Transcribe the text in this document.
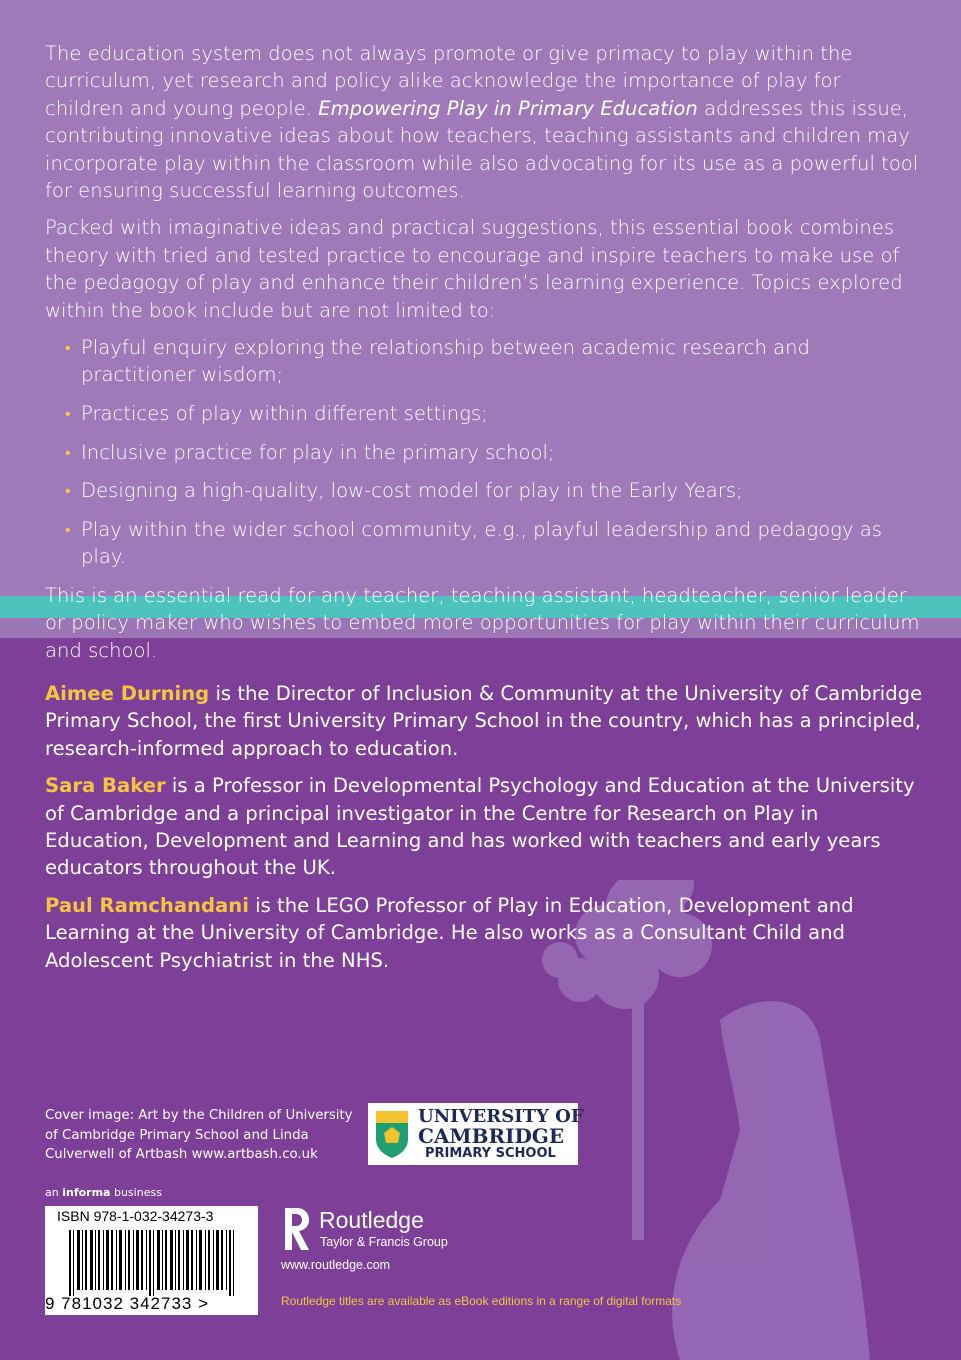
The education system does not always promote or give primacy to play within the curriculum, yet research and policy alike acknowledge the importance of play for children and young people. Empowering Play in Primary Education addresses this issue, contributing innovative ideas about how teachers, teaching assistants and children may incorporate play within the classroom while also advocating for its use as a powerful tool for ensuring successful learning outcomes.

Packed with imaginative ideas and practical suggestions, this essential book combines theory with tried and tested practice to encourage and inspire teachers to make use of the pedagogy of play and enhance their children’s learning experience. Topics explored within the book include but are not limited to:

• Playful enquiry exploring the relationship between academic research and practitioner wisdom;
• Practices of play within different settings;
• Inclusive practice for play in the primary school;
• Designing a high-quality, low-cost model for play in the Early Years;
• Play within the wider school community, e.g., playful leadership and pedagogy as play.

This is an essential read for any teacher, teaching assistant, headteacher, senior leader or policy maker who wishes to embed more opportunities for play within their curriculum and school.

Aimee Durning is the Director of Inclusion & Community at the University of Cambridge Primary School, the first University Primary School in the country, which has a principled, research-informed approach to education.

Sara Baker is a Professor in Developmental Psychology and Education at the University of Cambridge and a principal investigator in the Centre for Research on Play in Education, Development and Learning and has worked with teachers and early years educators throughout the UK.

Paul Ramchandani is the LEGO Professor of Play in Education, Development and Learning at the University of Cambridge. He also works as a Consultant Child and Adolescent Psychiatrist in the NHS.

Cover image: Art by the Children of University of Cambridge Primary School and Linda Culverwell of Artbash www.artbash.co.uk
UNIVERSITY OF
CAMBRIDGE
PRIMARY SCHOOL
an informa business
ISBN 978-1-032-34273-3
9 781032 342733 >
Routledge
Taylor & Francis Group
www.routledge.com
Routledge titles are available as eBook editions in a range of digital formats
